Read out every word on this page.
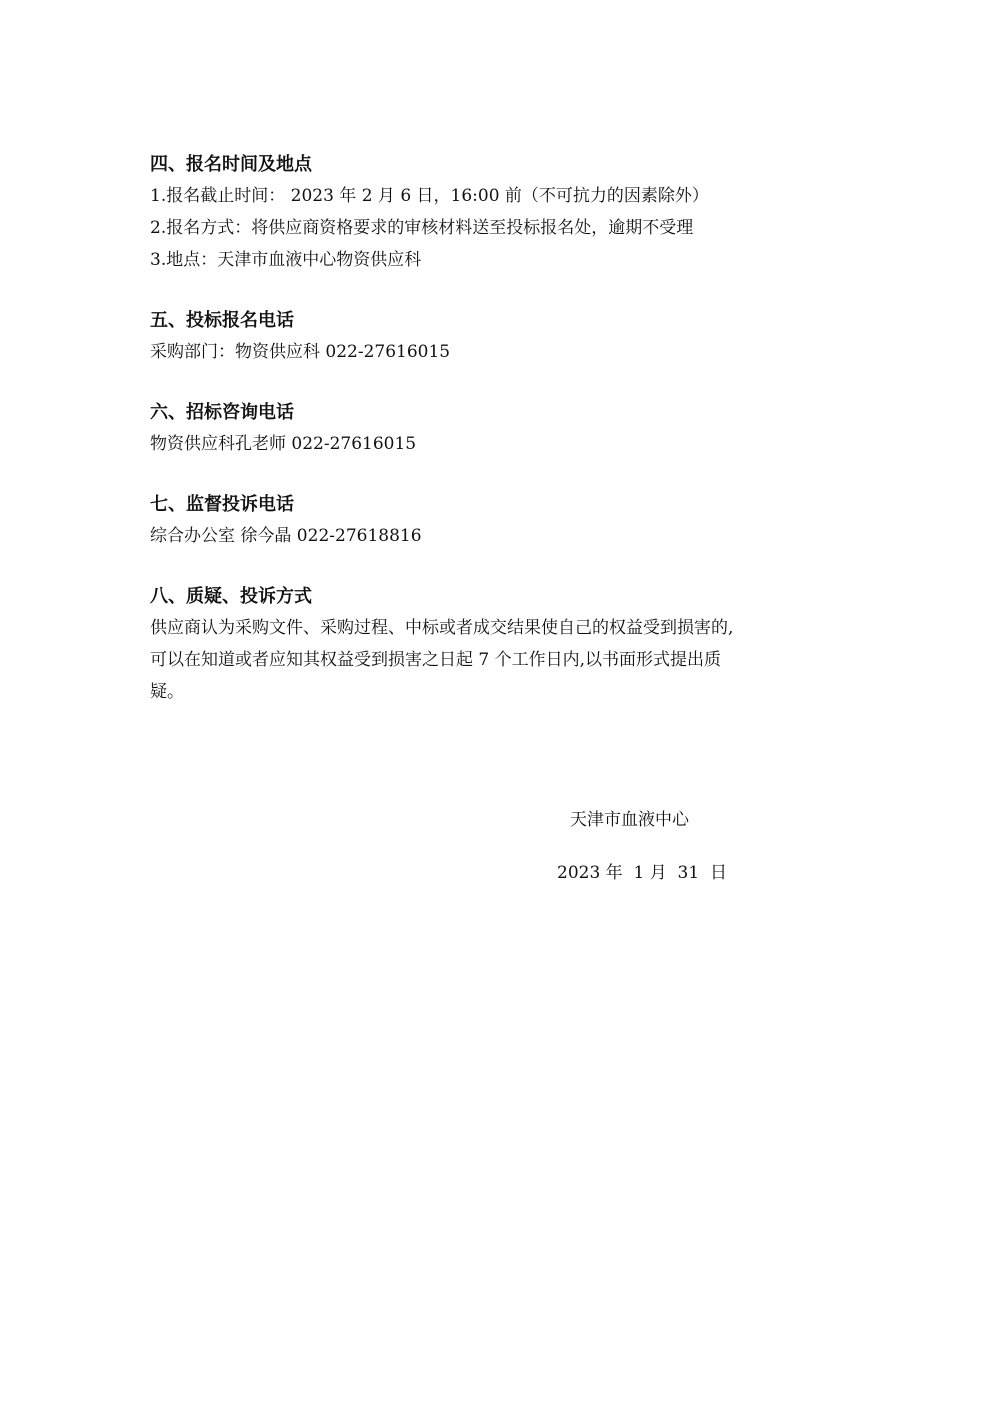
四、报名时间及地点
1.报名截止时间： 2023 年 2 月 6 日，16:00 前（不可抗力的因素除外）
2.报名方式：将供应商资格要求的审核材料送至投标报名处，逾期不受理
3.地点：天津市血液中心物资供应科
五、投标报名电话
采购部门：物资供应科 022-27616015
六、招标咨询电话
物资供应科孔老师 022-27616015
七、监督投诉电话
综合办公室 徐今晶 022-27618816
八、质疑、投诉方式
供应商认为采购文件、采购过程、中标或者成交结果使自己的权益受到损害的,
可以在知道或者应知其权益受到损害之日起 7 个工作日内,以书面形式提出质
疑。
天津市血液中心
2023 年  1 月  31  日
